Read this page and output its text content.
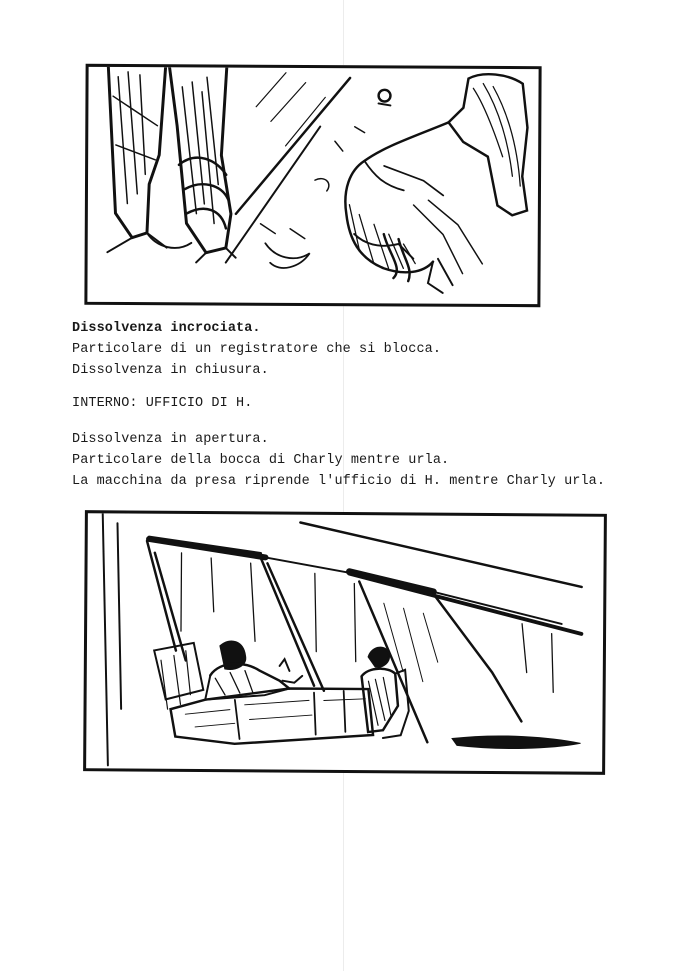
Dissolvenza incrociata.

Particolare di un registratore che si blocca.

Dissolvenza in chiusura.

INTERNO: UFFICIO DI H.

Dissolvenza in apertura.

Particolare della bocca di Charly mentre urla.

La macchina da presa riprende l'ufficio di H. mentre Charly urla.
